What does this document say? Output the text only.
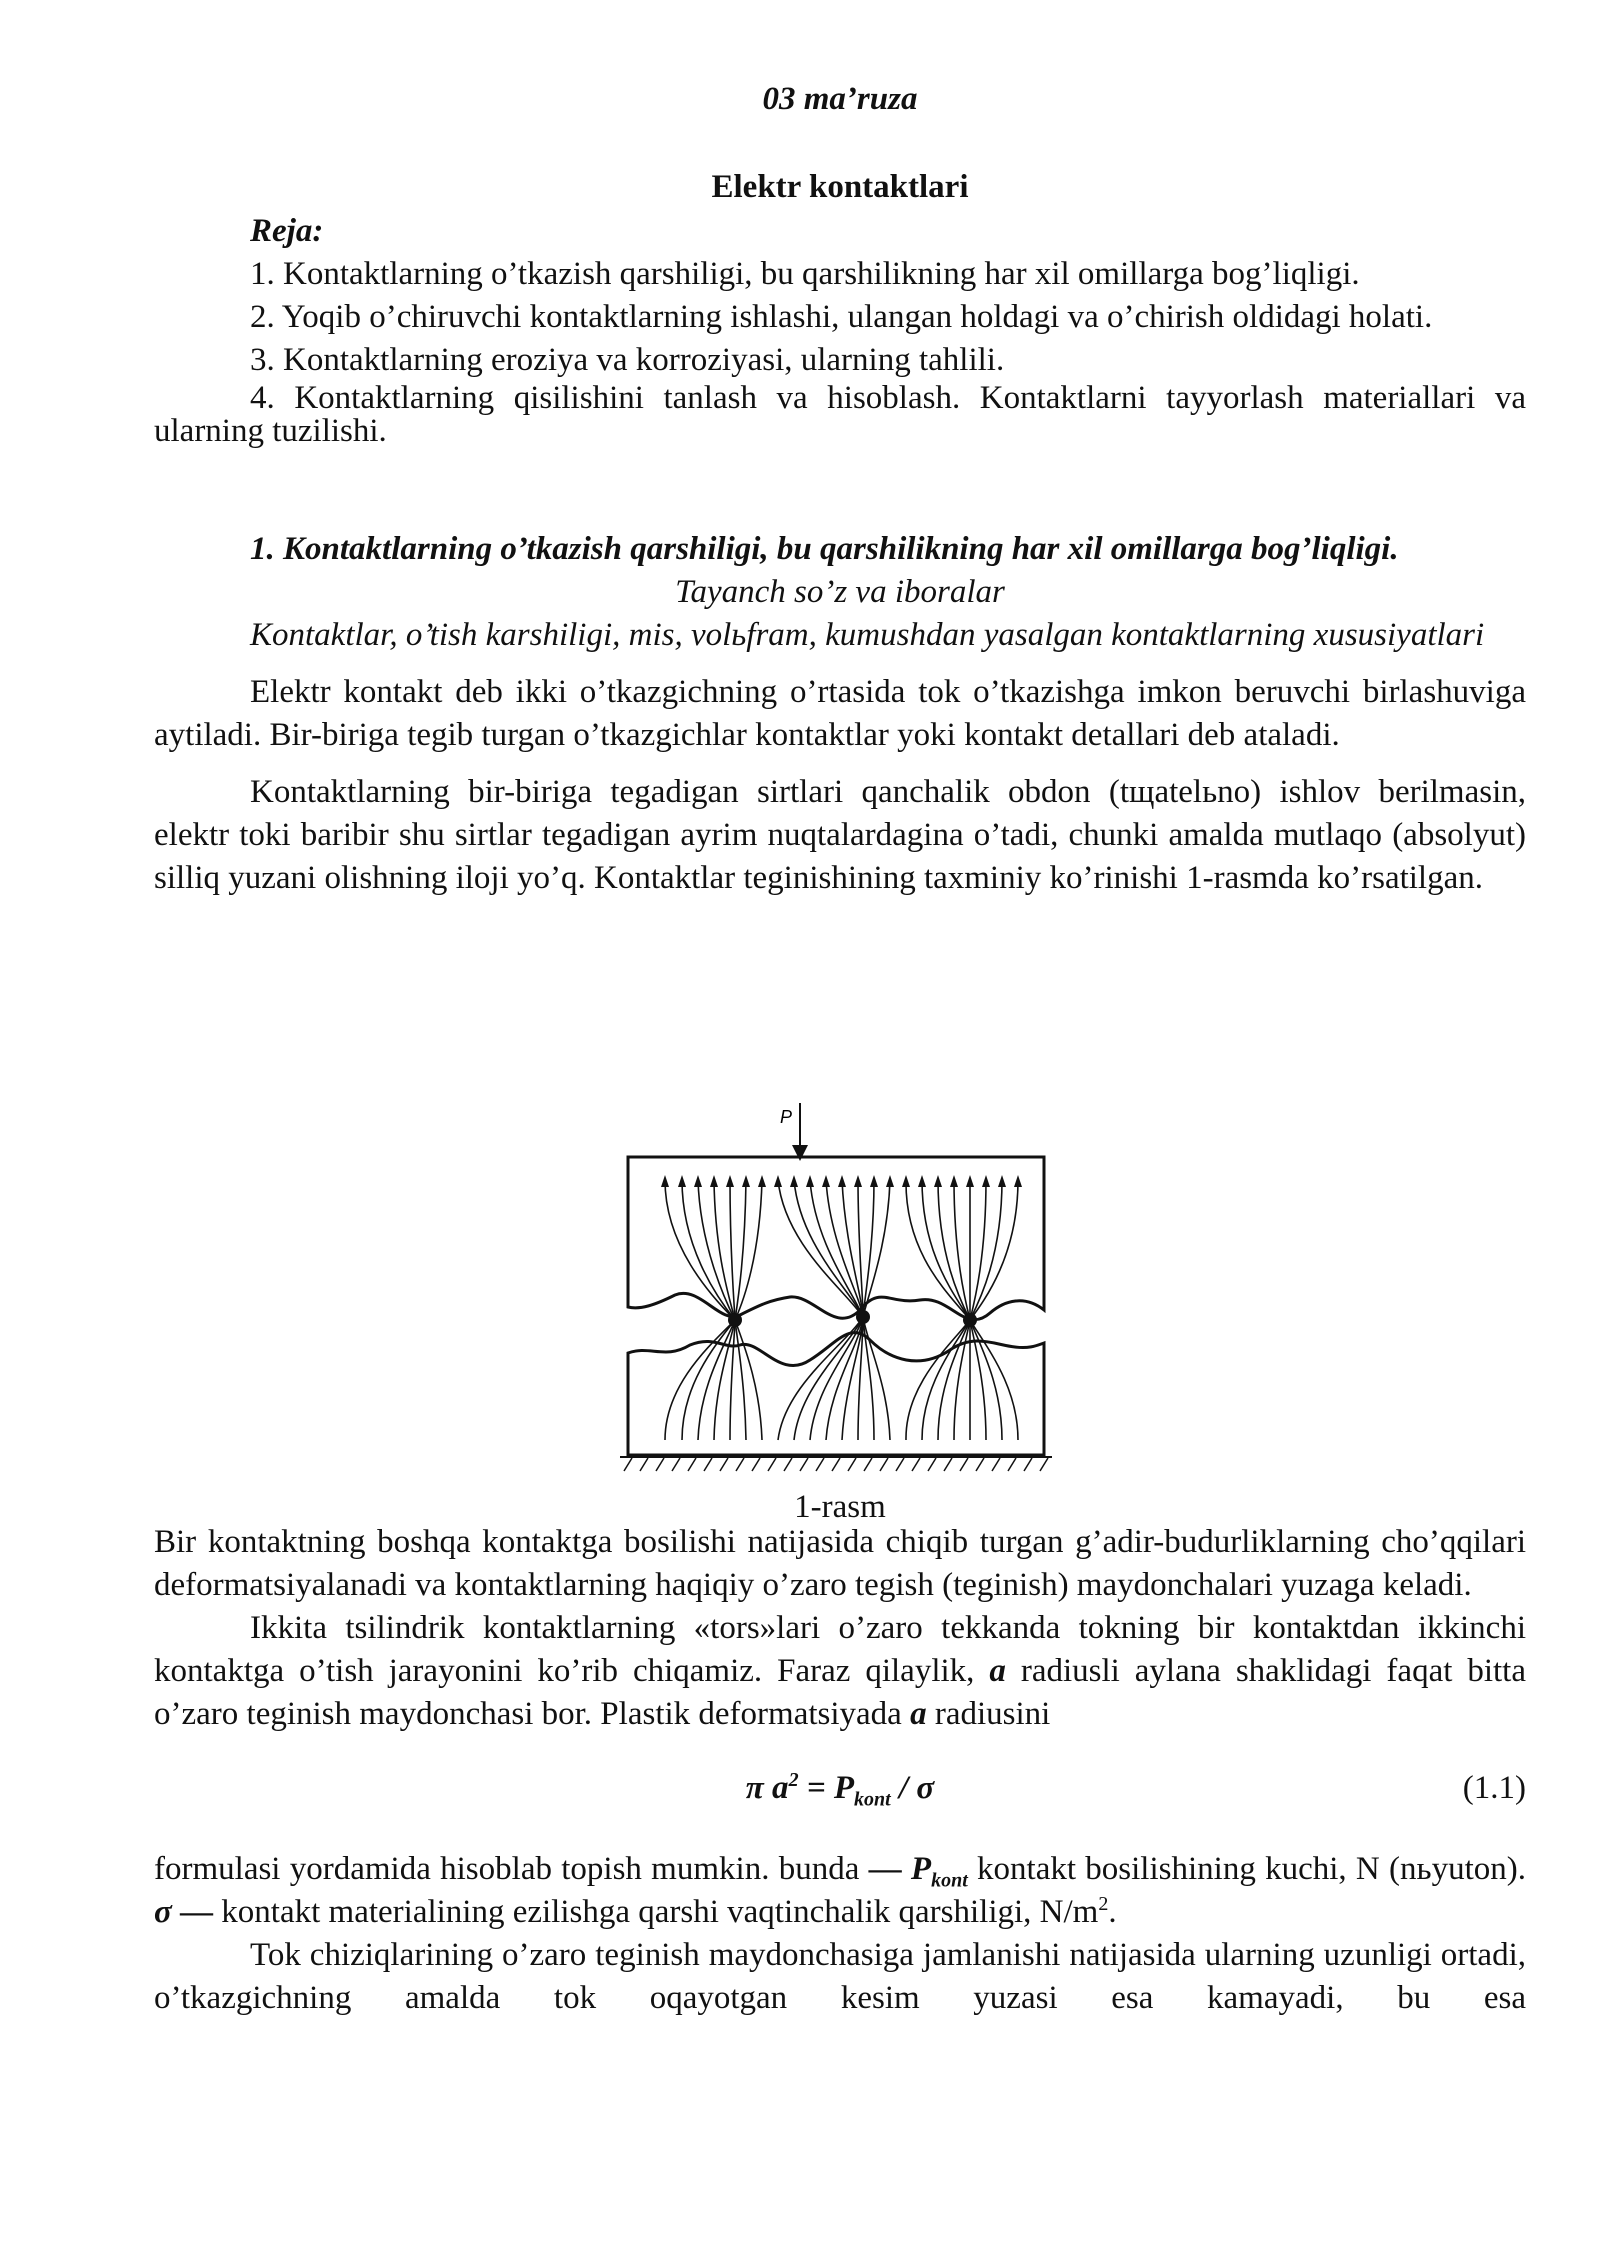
03 ma’ruza

Elektr kontaktlari

Reja:

1. Kontaktlarning o’tkazish qarshiligi, bu qarshilikning har xil omillarga bog’liqligi.

2. Yoqib o’chiruvchi kontaktlarning ishlashi, ulangan holdagi va o’chirish oldidagi holati.

3. Kontaktlarning eroziya va korroziyasi, ularning tahlili.

4. Kontaktlarning qisilishini tanlash va hisoblash. Kontaktlarni tayyorlash materiallari va ularning tuzilishi.

1. Kontaktlarning o’tkazish qarshiligi, bu qarshilikning har xil omillarga bog’liqligi.

Tayanch so’z va iboralar

Kontaktlar, o’tish karshiligi, mis, volьfram, kumushdan yasalgan kontaktlarning xususiyatlari

Elektr kontakt deb ikki o’tkazgichning o’rtasida tok o’tkazishga imkon beruvchi birlashuviga aytiladi. Bir-biriga tegib turgan o’tkazgichlar kontaktlar yoki kontakt detallari deb ataladi.

Kontaktlarning bir-biriga tegadigan sirtlari qanchalik obdon (tщatelьno) ishlov berilmasin, elektr toki baribir shu sirtlar tegadigan ayrim nuqtalardagina o’tadi, chunki amalda mutlaqo (absolyut) silliq yuzani olishning iloji yo’q. Kontaktlar teginishining taxminiy ko’rinishi 1-rasmda ko’rsatilgan.

P

1-rasm

Bir kontaktning boshqa kontaktga bosilishi natijasida chiqib turgan g’adir-budurliklarning cho’qqilari deformatsiyalanadi va kontaktlarning haqiqiy o’zaro tegish (teginish) maydonchalari yuzaga keladi.

Ikkita tsilindrik kontaktlarning «tors»lari o’zaro tekkanda tokning bir kontaktdan ikkinchi kontaktga o’tish jarayonini ko’rib chiqamiz. Faraz qilaylik, a radiusli aylana shaklidagi faqat bitta o’zaro teginish maydonchasi bor. Plastik deformatsiyada a radiusini

π $a^2 = P_{kont} / \sigma$	(1.1)

formulasi yordamida hisoblab topish mumkin. bunda — $P_{kont}$ kontakt bosilishining kuchi, N (nьyuton). σ — kontakt materialining ezilishga qarshi vaqtinchalik qarshiligi, $N/m^2$.

Tok chiziqlarining o’zaro teginish maydonchasiga jamlanishi natijasida ularning uzunligi ortadi, o’tkazgichning amalda tok oqayotgan kesim yuzasi esa kamayadi, bu esa
